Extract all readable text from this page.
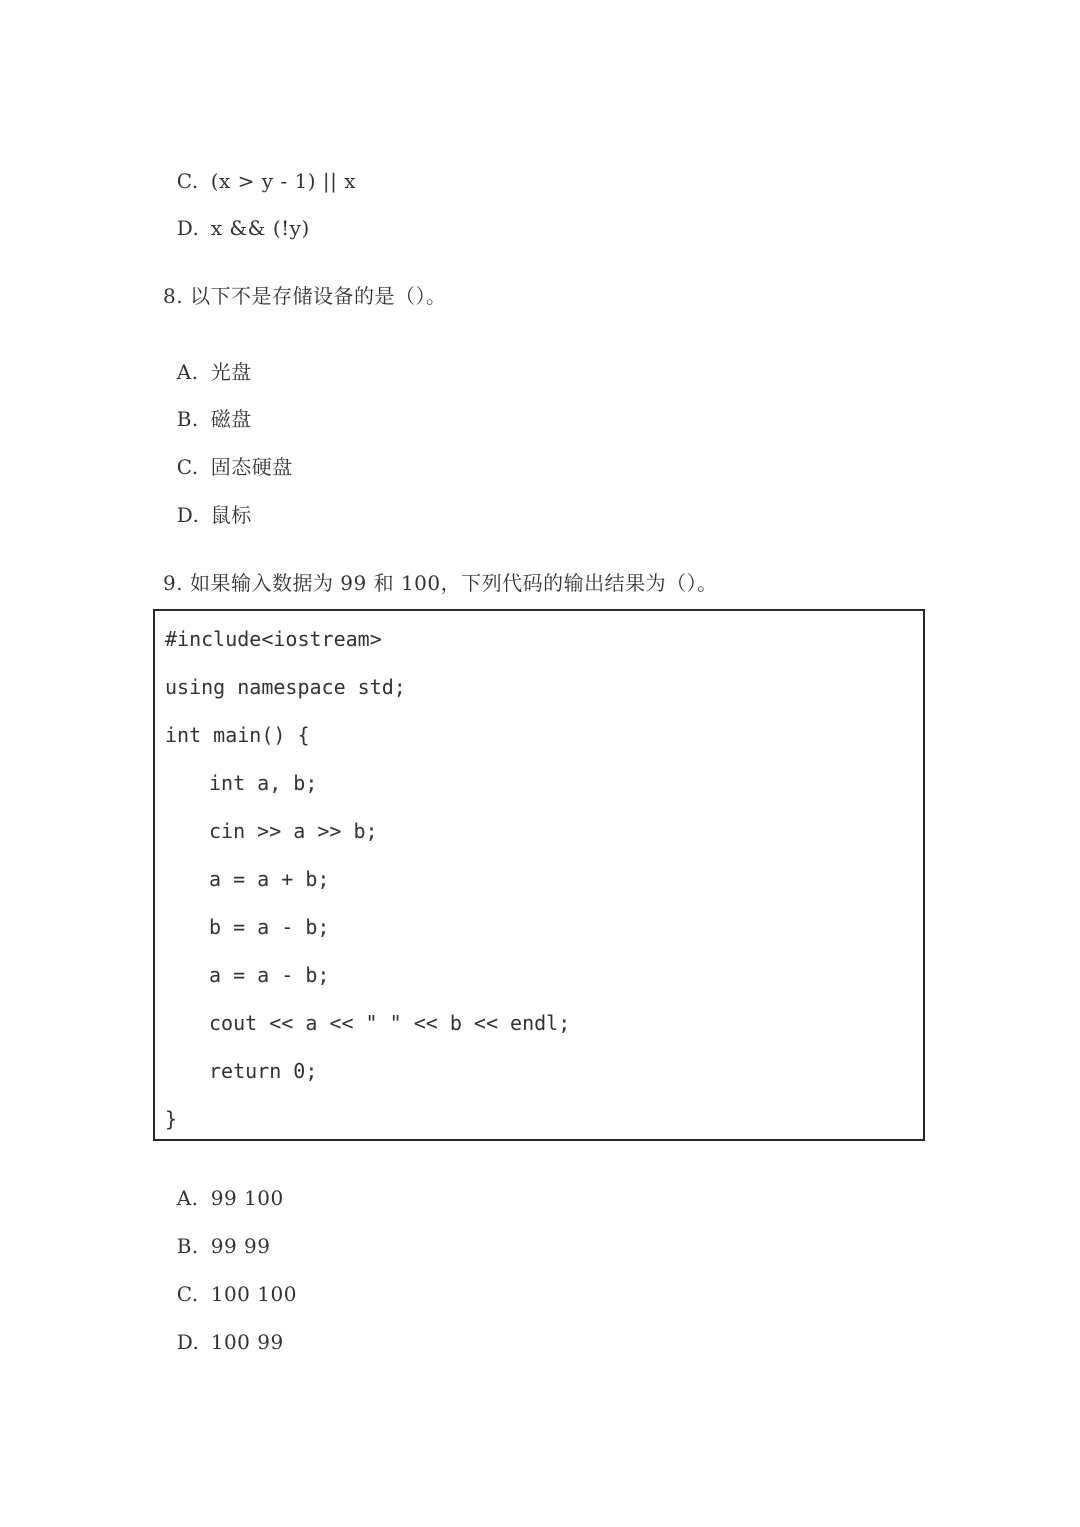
C. (x > y - 1) || x

D. x && (!y)

8. 以下不是存储设备的是（）。

A. 光盘

B. 磁盘

C. 固态硬盘

D. 鼠标

9. 如果输入数据为 99 和 100，下列代码的输出结果为（）。
#include<iostream>
using namespace std;
int main() {
int a, b;
cin >> a >> b;
a = a + b;
b = a - b;
a = a - b;
cout << a << " " << b << endl;
return 0;
}

A. 99 100

B. 99 99

C. 100 100

D. 100 99
